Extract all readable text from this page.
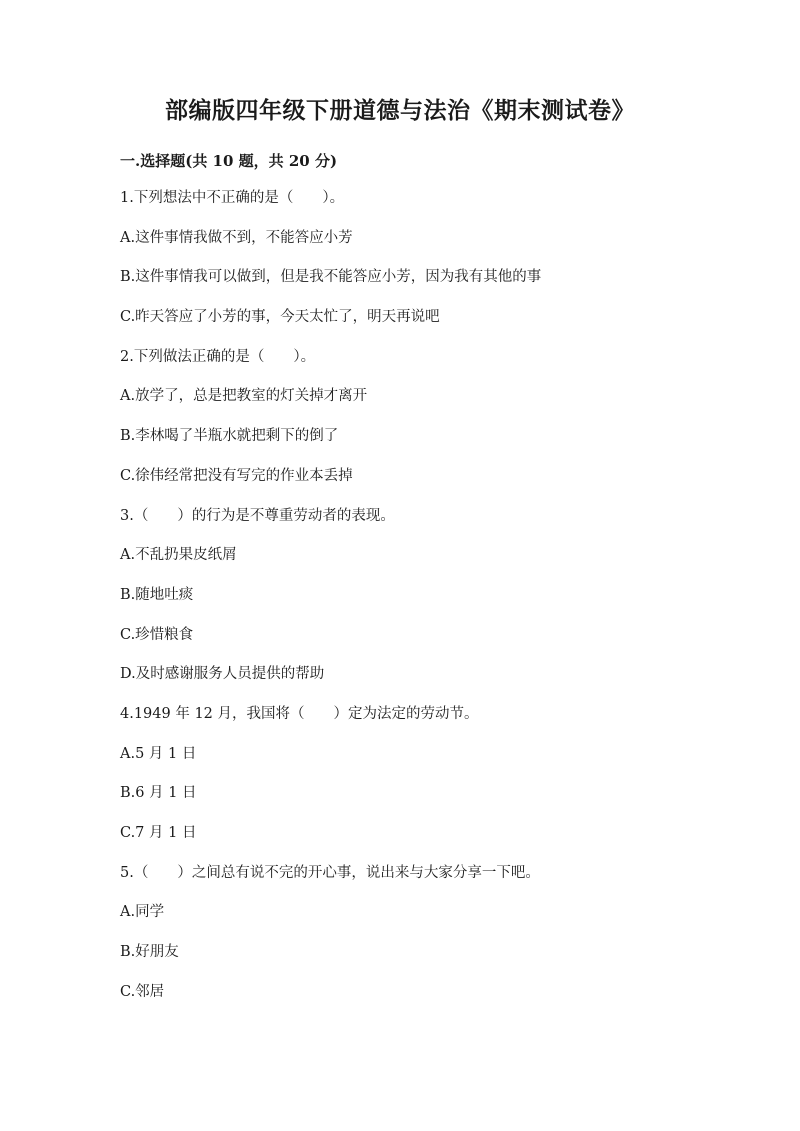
部编版四年级下册道德与法治《期末测试卷》
一.选择题(共 10 题，共 20 分)
1.下列想法中不正确的是（　　）。
A.这件事情我做不到，不能答应小芳
B.这件事情我可以做到，但是我不能答应小芳，因为我有其他的事
C.昨天答应了小芳的事，今天太忙了，明天再说吧
2.下列做法正确的是（　　）。
A.放学了，总是把教室的灯关掉才离开
B.李林喝了半瓶水就把剩下的倒了
C.徐伟经常把没有写完的作业本丢掉
3.（　　）的行为是不尊重劳动者的表现。
A.不乱扔果皮纸屑
B.随地吐痰
C.珍惜粮食
D.及时感谢服务人员提供的帮助
4.1949 年 12 月，我国将（　　）定为法定的劳动节。
A.5 月 1 日
B.6 月 1 日
C.7 月 1 日
5.（　　）之间总有说不完的开心事，说出来与大家分享一下吧。
A.同学
B.好朋友
C.邻居
